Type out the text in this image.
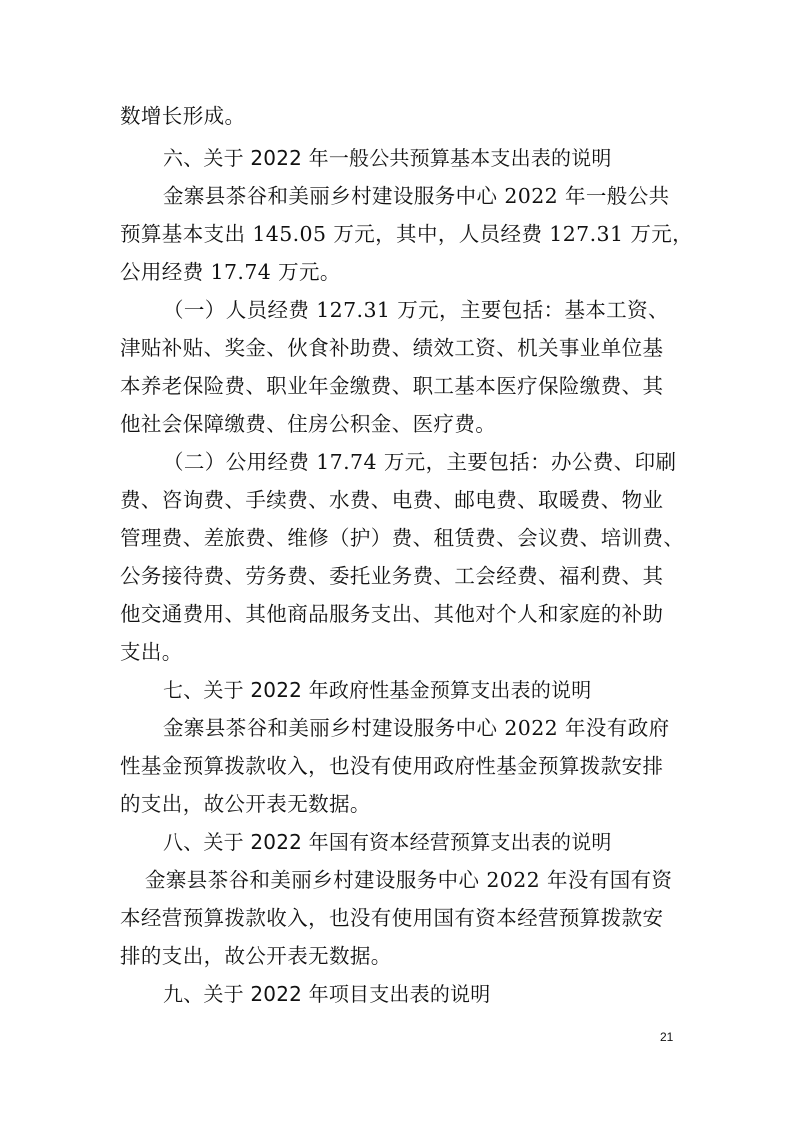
数增长形成。
六、关于 2022 年一般公共预算基本支出表的说明
金寨县茶谷和美丽乡村建设服务中心 2022 年一般公共
预算基本支出 145.05 万元，其中，人员经费 127.31 万元，
公用经费 17.74 万元。
（一）人员经费 127.31 万元，主要包括：基本工资、
津贴补贴、奖金、伙食补助费、绩效工资、机关事业单位基
本养老保险费、职业年金缴费、职工基本医疗保险缴费、其
他社会保障缴费、住房公积金、医疗费。
（二）公用经费 17.74 万元，主要包括：办公费、印刷
费、咨询费、手续费、水费、电费、邮电费、取暖费、物业
管理费、差旅费、维修（护）费、租赁费、会议费、培训费、
公务接待费、劳务费、委托业务费、工会经费、福利费、其
他交通费用、其他商品服务支出、其他对个人和家庭的补助
支出。
七、关于 2022 年政府性基金预算支出表的说明
金寨县茶谷和美丽乡村建设服务中心 2022 年没有政府
性基金预算拨款收入，也没有使用政府性基金预算拨款安排
的支出，故公开表无数据。
八、关于 2022 年国有资本经营预算支出表的说明
金寨县茶谷和美丽乡村建设服务中心 2022 年没有国有资
本经营预算拨款收入，也没有使用国有资本经营预算拨款安
排的支出，故公开表无数据。
九、关于 2022 年项目支出表的说明
21
